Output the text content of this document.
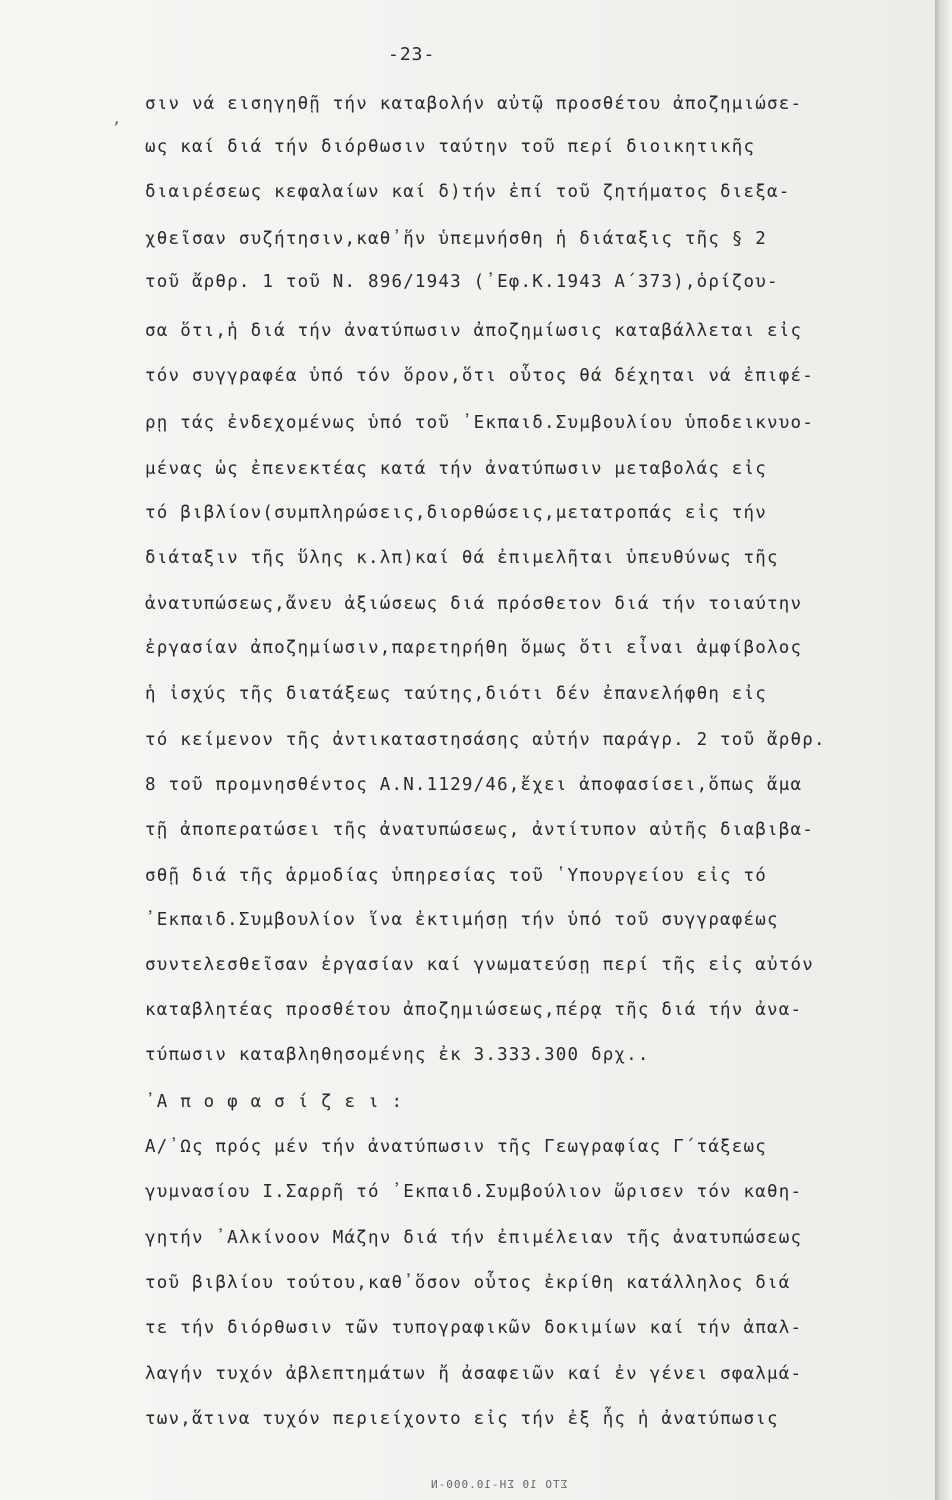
-23-
ʼ
σιν νά εισηγηθῇ τήν καταβολήν αὐτῷ προσθέτου ἀποζημιώσε-
ως καί διά τήν διόρθωσιν ταύτην τοῦ περί διοικητικῆς
διαιρέσεως κεφαλαίων καί δ)τήν ἐπί τοῦ ζητήματος διεξα-
χθεῖσαν συζήτησιν,καθ᾽ἥν ὑπεμνήσθη ἡ διάταξις τῆς § 2
τοῦ ἄρθρ. 1 τοῦ Ν. 896/1943 (᾽Εφ.Κ.1943 Α΄373),ὁρίζου-
σα ὅτι,ἡ διά τήν ἀνατύπωσιν ἀποζημίωσις καταβάλλεται εἰς
τόν συγγραφέα ὑπό τόν ὅρον,ὅτι οὗτος θά δέχηται νά ἐπιφέ-
ρῃ τάς ἐνδεχομένως ὑπό τοῦ ᾽Εκπαιδ.Συμβουλίου ὑποδεικνυο-
μένας ὡς ἐπενεκτέας κατά τήν ἀνατύπωσιν μεταβολάς εἰς
τό βιβλίον(συμπληρώσεις,διορθώσεις,μετατροπάς εἰς τήν
διάταξιν τῆς ὕλης κ.λπ)καί θά ἐπιμελῆται ὑπευθύνως τῆς
ἀνατυπώσεως,ἄνευ ἀξιώσεως διά πρόσθετον διά τήν τοιαύτην
ἐργασίαν ἀποζημίωσιν,παρετηρήθη ὅμως ὅτι εἶναι ἀμφίβολος
ἡ ἰσχύς τῆς διατάξεως ταύτης,διότι δέν ἐπανελήφθη εἰς
τό κείμενον τῆς ἀντικαταστησάσης αὐτήν παράγρ. 2 τοῦ ἄρθρ.
8 τοῦ προμνησθέντος Α.Ν.1129/46,ἔχει ἀποφασίσει,ὅπως ἅμα
τῇ ἀποπερατώσει τῆς ἀνατυπώσεως, ἀντίτυπον αὐτῆς διαβιβα-
σθῇ διά τῆς ἁρμοδίας ὑπηρεσίας τοῦ ῾Υπουργείου εἰς τό
᾽Εκπαιδ.Συμβουλίον ἵνα ἐκτιμήσῃ τήν ὑπό τοῦ συγγραφέως
συντελεσθεῖσαν ἐργασίαν καί γνωματεύσῃ περί τῆς εἰς αὐτόν
καταβλητέας προσθέτου ἀποζημιώσεως,πέρᾳ τῆς διά τήν ἀνα-
τύπωσιν καταβληθησομένης ἐκ 3.333.300 δρχ..
᾽Α π ο φ α σ ί ζ ε ι :
Α/᾽Ως πρός μέν τήν ἀνατύπωσιν τῆς Γεωγραφίας Γ΄τάξεως
γυμνασίου Ι.Σαρρῆ τό ᾽Εκπαιδ.Συμβούλιον ὥρισεν τόν καθη-
γητήν ᾽Αλκίνοον Μάζην διά τήν ἐπιμέλειαν τῆς ἀνατυπώσεως
τοῦ βιβλίου τούτου,καθ᾽ὅσον οὗτος ἐκρίθη κατάλληλος διά
τε τήν διόρθωσιν τῶν τυπογραφικῶν δοκιμίων καί τήν ἀπαλ-
λαγήν τυχόν ἀβλεπτημάτων ἤ ἀσαφειῶν καί ἐν γένει σφαλμά-
των,ἅτινα τυχόν περιείχοντο εἰς τήν ἐξ ἧς ἡ ἀνατύπωσις
ΣΤΟ 10 ΣΗ-10.000-Ν
